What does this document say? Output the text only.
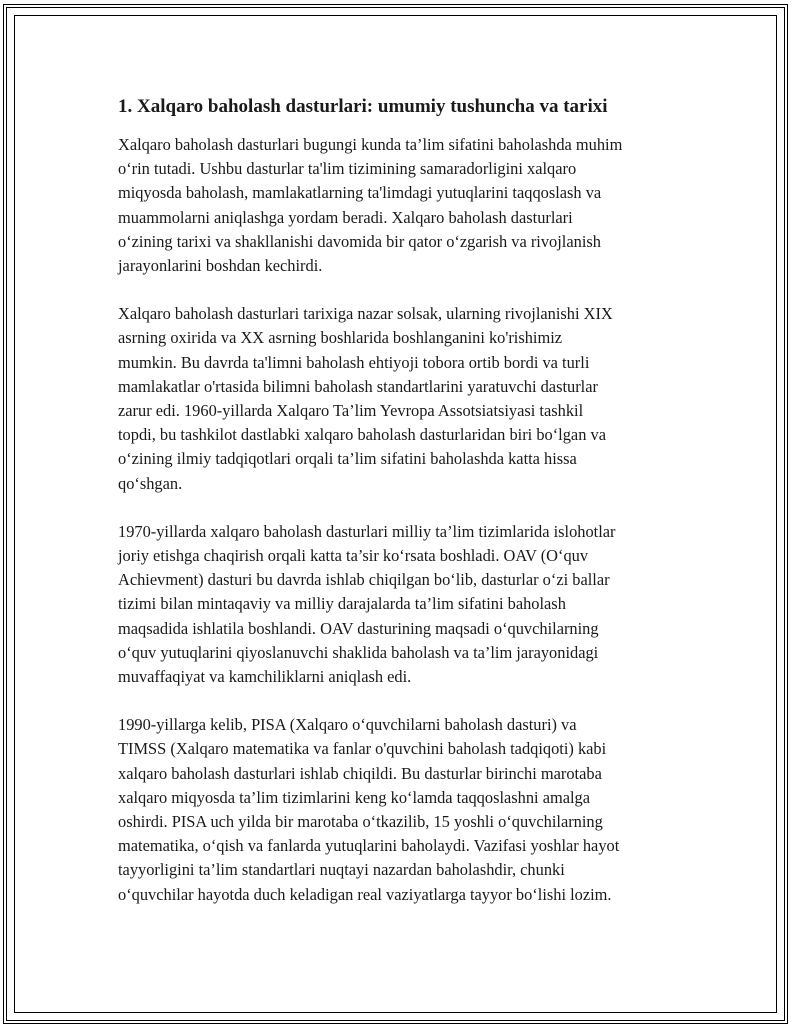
1. Xalqaro baholash dasturlari: umumiy tushuncha va tarixi
Xalqaro baholash dasturlari bugungi kunda ta’lim sifatini baholashda muhim
o‘rin tutadi. Ushbu dasturlar ta'lim tizimining samaradorligini xalqaro
miqyosda baholash, mamlakatlarning ta'limdagi yutuqlarini taqqoslash va
muammolarni aniqlashga yordam beradi. Xalqaro baholash dasturlari
o‘zining tarixi va shakllanishi davomida bir qator o‘zgarish va rivojlanish
jarayonlarini boshdan kechirdi.
Xalqaro baholash dasturlari tarixiga nazar solsak, ularning rivojlanishi XIX
asrning oxirida va XX asrning boshlarida boshlanganini ko'rishimiz
mumkin. Bu davrda ta'limni baholash ehtiyoji tobora ortib bordi va turli
mamlakatlar o'rtasida bilimni baholash standartlarini yaratuvchi dasturlar
zarur edi. 1960-yillarda Xalqaro Ta’lim Yevropa Assotsiatsiyasi tashkil
topdi, bu tashkilot dastlabki xalqaro baholash dasturlaridan biri bo‘lgan va
o‘zining ilmiy tadqiqotlari orqali ta’lim sifatini baholashda katta hissa
qo‘shgan.
1970-yillarda xalqaro baholash dasturlari milliy ta’lim tizimlarida islohotlar
joriy etishga chaqirish orqali katta ta’sir ko‘rsata boshladi. OAV (O‘quv
Achievment) dasturi bu davrda ishlab chiqilgan bo‘lib, dasturlar o‘zi ballar
tizimi bilan mintaqaviy va milliy darajalarda ta’lim sifatini baholash
maqsadida ishlatila boshlandi. OAV dasturining maqsadi o‘quvchilarning
o‘quv yutuqlarini qiyoslanuvchi shaklida baholash va ta’lim jarayonidagi
muvaffaqiyat va kamchiliklarni aniqlash edi.
1990-yillarga kelib, PISA (Xalqaro o‘quvchilarni baholash dasturi) va
TIMSS (Xalqaro matematika va fanlar o'quvchini baholash tadqiqoti) kabi
xalqaro baholash dasturlari ishlab chiqildi. Bu dasturlar birinchi marotaba
xalqaro miqyosda ta’lim tizimlarini keng ko‘lamda taqqoslashni amalga
oshirdi. PISA uch yilda bir marotaba o‘tkazilib, 15 yoshli o‘quvchilarning
matematika, o‘qish va fanlarda yutuqlarini baholaydi. Vazifasi yoshlar hayot
tayyorligini ta’lim standartlari nuqtayi nazardan baholashdir, chunki
o‘quvchilar hayotda duch keladigan real vaziyatlarga tayyor bo‘lishi lozim.
